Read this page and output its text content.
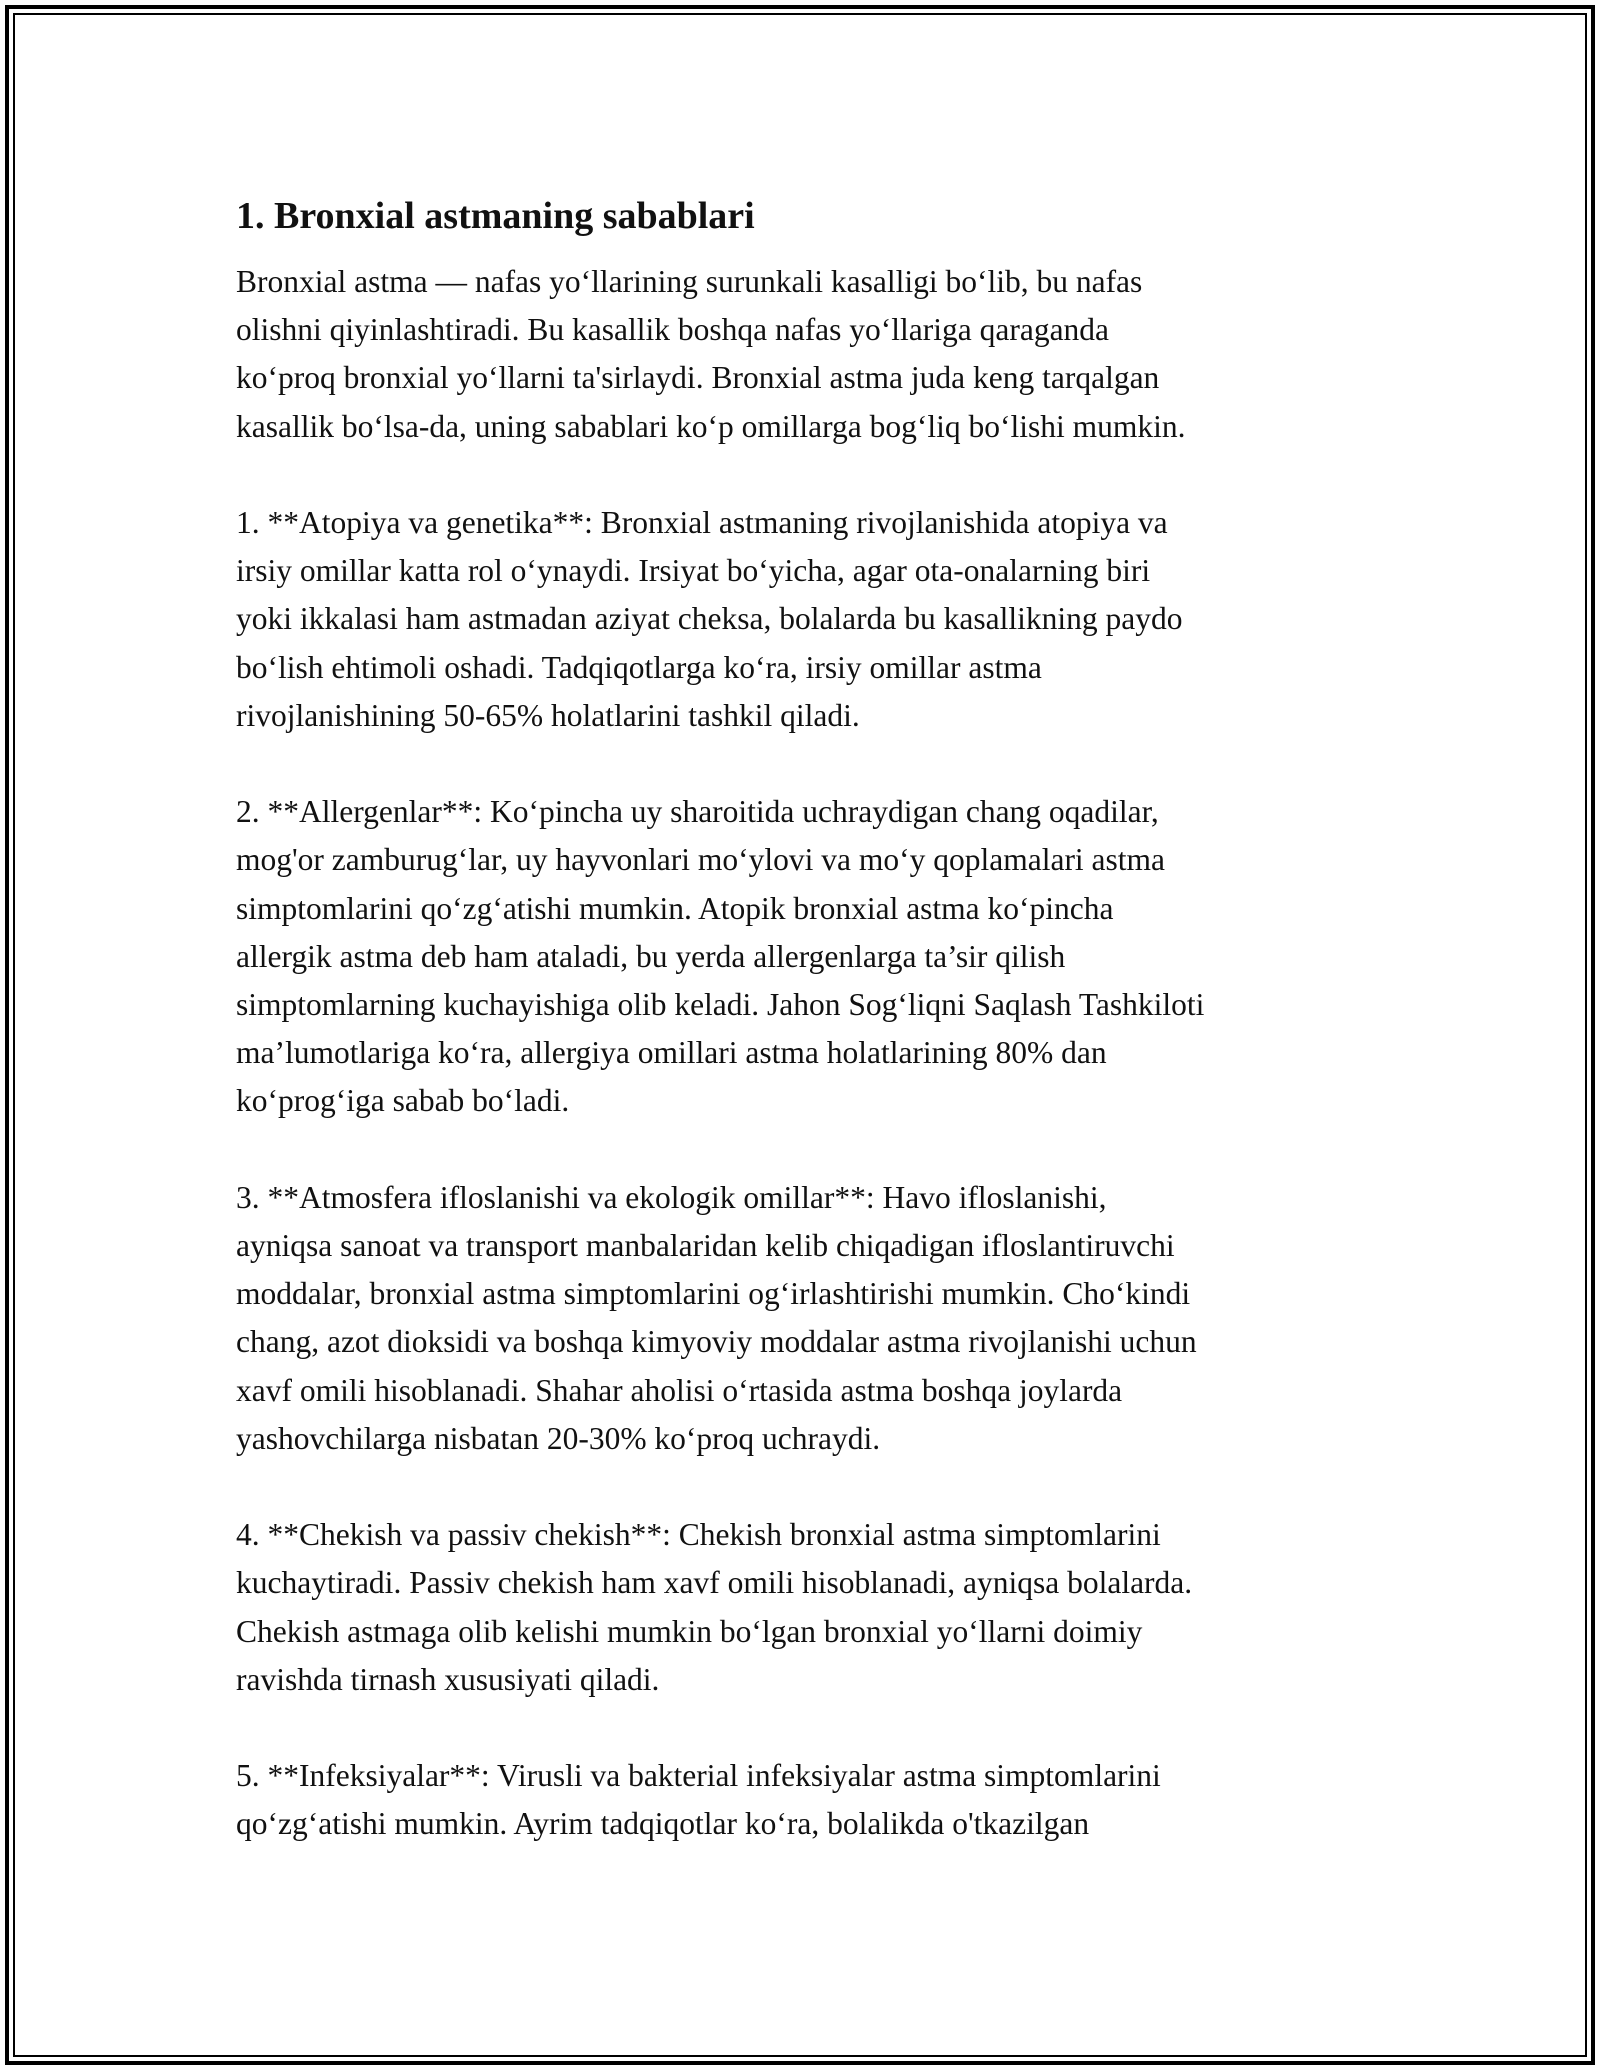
1. Bronxial astmaning sabablari

Bronxial astma — nafas yo‘llarining surunkali kasalligi bo‘lib, bu nafas
olishni qiyinlashtiradi. Bu kasallik boshqa nafas yo‘llariga qaraganda
ko‘proq bronxial yo‘llarni ta'sirlaydi. Bronxial astma juda keng tarqalgan
kasallik bo‘lsa-da, uning sabablari ko‘p omillarga bog‘liq bo‘lishi mumkin.

1. **Atopiya va genetika**: Bronxial astmaning rivojlanishida atopiya va
irsiy omillar katta rol o‘ynaydi. Irsiyat bo‘yicha, agar ota-onalarning biri
yoki ikkalasi ham astmadan aziyat cheksa, bolalarda bu kasallikning paydo
bo‘lish ehtimoli oshadi. Tadqiqotlarga ko‘ra, irsiy omillar astma
rivojlanishining 50-65% holatlarini tashkil qiladi.

2. **Allergenlar**: Ko‘pincha uy sharoitida uchraydigan chang oqadilar,
mog'or zamburug‘lar, uy hayvonlari mo‘ylovi va mo‘y qoplamalari astma
simptomlarini qo‘zg‘atishi mumkin. Atopik bronxial astma ko‘pincha
allergik astma deb ham ataladi, bu yerda allergenlarga ta’sir qilish
simptomlarning kuchayishiga olib keladi. Jahon Sog‘liqni Saqlash Tashkiloti
ma’lumotlariga ko‘ra, allergiya omillari astma holatlarining 80% dan
ko‘prog‘iga sabab bo‘ladi.

3. **Atmosfera ifloslanishi va ekologik omillar**: Havo ifloslanishi,
ayniqsa sanoat va transport manbalaridan kelib chiqadigan ifloslantiruvchi
moddalar, bronxial astma simptomlarini og‘irlashtirishi mumkin. Cho‘kindi
chang, azot dioksidi va boshqa kimyoviy moddalar astma rivojlanishi uchun
xavf omili hisoblanadi. Shahar aholisi o‘rtasida astma boshqa joylarda
yashovchilarga nisbatan 20-30% ko‘proq uchraydi.

4. **Chekish va passiv chekish**: Chekish bronxial astma simptomlarini
kuchaytiradi. Passiv chekish ham xavf omili hisoblanadi, ayniqsa bolalarda.
Chekish astmaga olib kelishi mumkin bo‘lgan bronxial yo‘llarni doimiy
ravishda tirnash xususiyati qiladi.

5. **Infeksiyalar**: Virusli va bakterial infeksiyalar astma simptomlarini
qo‘zg‘atishi mumkin. Ayrim tadqiqotlar ko‘ra, bolalikda o'tkazilgan
